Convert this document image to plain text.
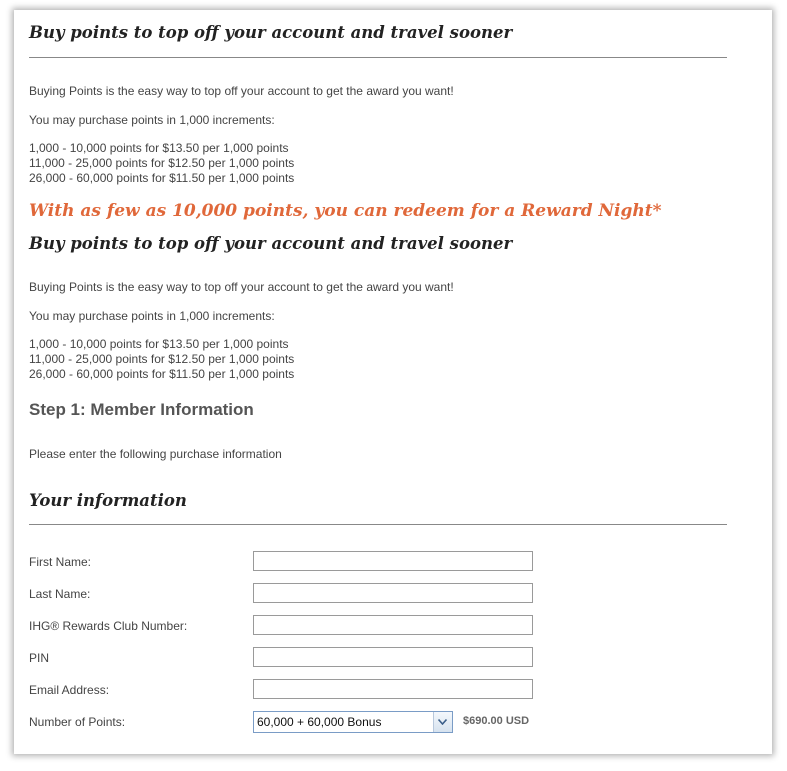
Buy points to top off your account and travel sooner

Buying Points is the easy way to top off your account to get the award you want!

You may purchase points in 1,000 increments:

1,000 - 10,000 points for $13.50 per 1,000 points
11,000 - 25,000 points for $12.50 per 1,000 points
26,000 - 60,000 points for $11.50 per 1,000 points
With as few as 10,000 points, you can redeem for a Reward Night*
Buy points to top off your account and travel sooner

Buying Points is the easy way to top off your account to get the award you want!

You may purchase points in 1,000 increments:

1,000 - 10,000 points for $13.50 per 1,000 points
11,000 - 25,000 points for $12.50 per 1,000 points
26,000 - 60,000 points for $11.50 per 1,000 points
Step 1: Member Information

Please enter the following purchase information

Your information
First Name:
Last Name:
IHG® Rewards Club Number:
PIN
Email Address:
Number of Points:	60,000 + 60,000 Bonus	$690.00 USD
